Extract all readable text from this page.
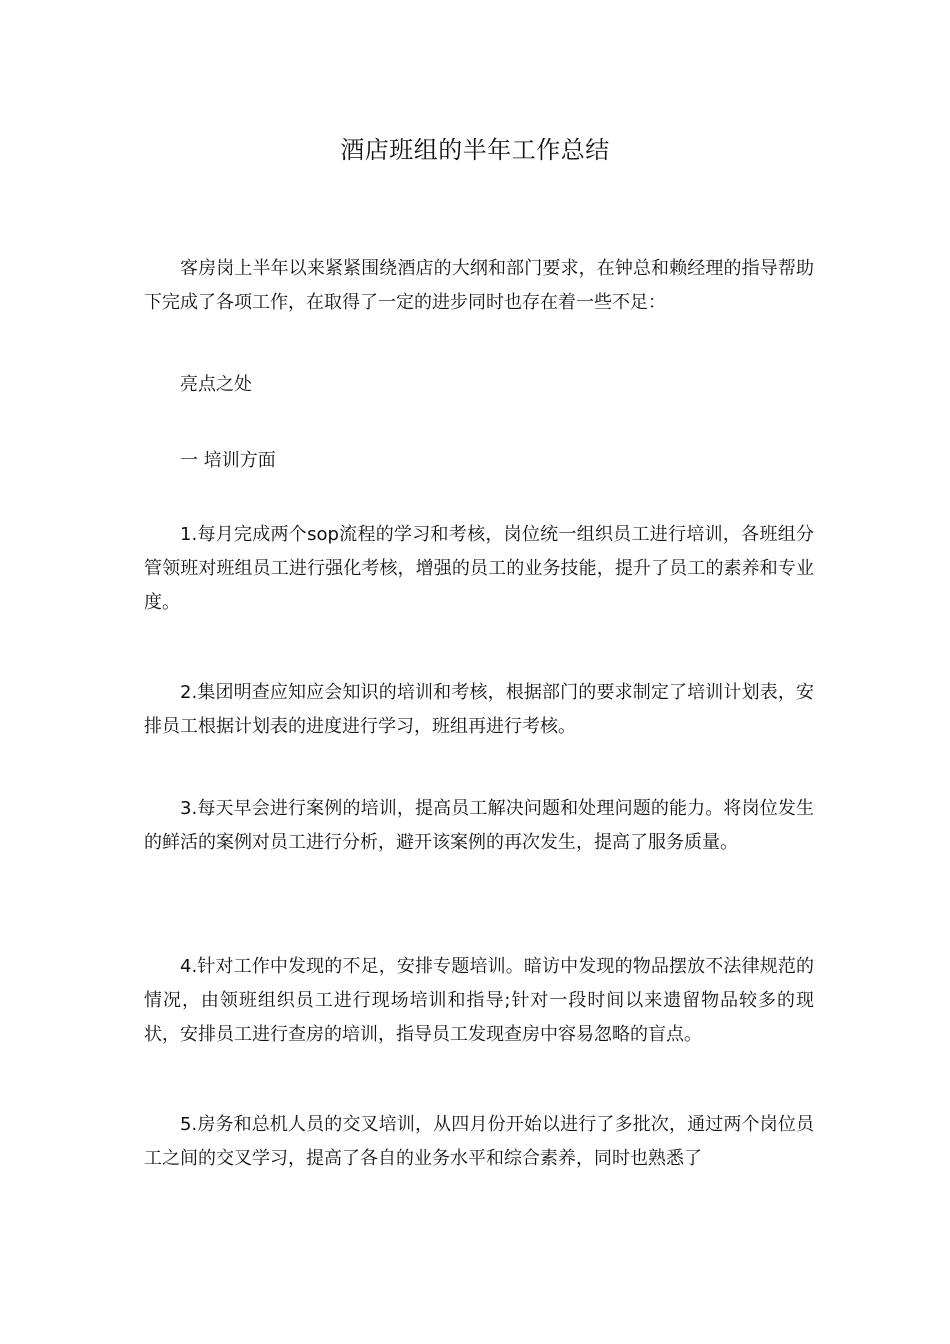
酒店班组的半年工作总结

客房岗上半年以来紧紧围绕酒店的大纲和部门要求，在钟总和赖经理的指导帮助下完成了各项工作，在取得了一定的进步同时也存在着一些不足：

亮点之处

一 培训方面

1.每月完成两个sop流程的学习和考核，岗位统一组织员工进行培训，各班组分管领班对班组员工进行强化考核，增强的员工的业务技能，提升了员工的素养和专业度。

2.集团明查应知应会知识的培训和考核，根据部门的要求制定了培训计划表，安排员工根据计划表的进度进行学习，班组再进行考核。

3.每天早会进行案例的培训，提高员工解决问题和处理问题的能力。将岗位发生的鲜活的案例对员工进行分析，避开该案例的再次发生，提高了服务质量。

4.针对工作中发现的不足，安排专题培训。暗访中发现的物品摆放不法律规范的情况，由领班组织员工进行现场培训和指导;针对一段时间以来遗留物品较多的现状，安排员工进行查房的培训，指导员工发现查房中容易忽略的盲点。

5.房务和总机人员的交叉培训，从四月份开始以进行了多批次，通过两个岗位员工之间的交叉学习，提高了各自的业务水平和综合素养，同时也熟悉了
